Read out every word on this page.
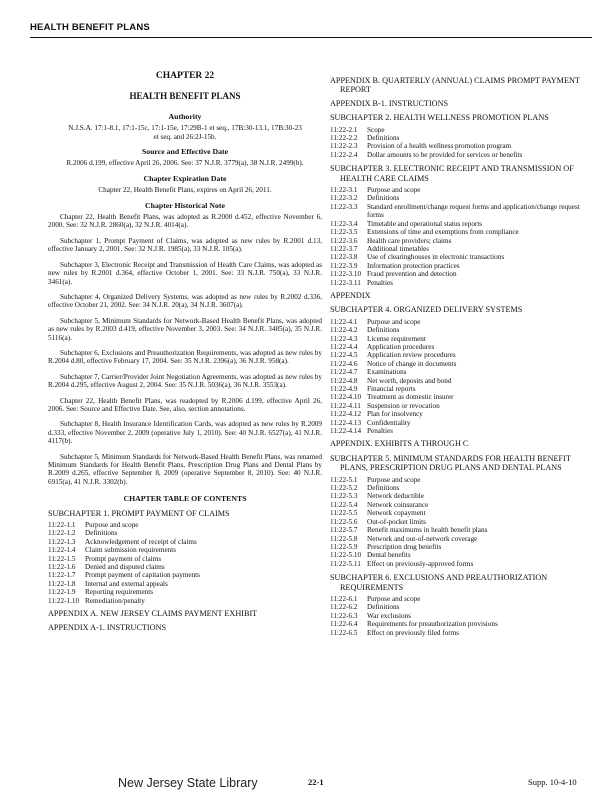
HEALTH BENEFIT PLANS
CHAPTER 22
HEALTH BENEFIT PLANS
Authority
N.J.S.A. 17:1-8.1, 17:1-15c, 17:1-15e, 17:29B-1 et seq., 17B:30-13.1, 17B:30-23 et seq. and 26:2J-15b.
Source and Effective Date
R.2006 d.199, effective April 26, 2006. See: 37 N.J.R. 3779(a), 38 N.J.R. 2499(b).
Chapter Expiration Date
Chapter 22, Health Benefit Plans, expires on April 26, 2011.
Chapter Historical Note

Chapter 22, Health Benefit Plans, was adopted as R.2000 d.452, effective November 6, 2000. See: 32 N.J.R. 2860(a), 32 N.J.R. 4014(a).

Subchapter 1, Prompt Payment of Claims, was adopted as new rules by R.2001 d.13, effective January 2, 2001. See: 32 N.J.R. 1985(a), 33 N.J.R. 105(a).

Subchapter 3, Electronic Receipt and Transmission of Health Care Claims, was adopted as new rules by R.2001 d.364, effective October 1, 2001. See: 33 N.J.R. 750(a), 33 N.J.R. 3461(a).

Subchapter 4, Organized Delivery Systems, was adopted as new rules by R.2002 d.336, effective October 21, 2002. See: 34 N.J.R. 20(a), 34 N.J.R. 3607(a).

Subchapter 5, Minimum Standards for Network-Based Health Benefit Plans, was adopted as new rules by R.2003 d.419, effective November 3, 2003. See: 34 N.J.R. 3485(a), 35 N.J.R. 5116(a).

Subchapter 6, Exclusions and Preauthorization Requirements, was adopted as new rules by R.2004 d.80, effective February 17, 2004. See: 35 N.J.R. 2396(a), 36 N.J.R. 958(a).

Subchapter 7, Carrier/Provider Joint Negotiation Agreements, was adopted as new rules by R.2004 d.295, effective August 2, 2004. See: 35 N.J.R. 5036(a), 36 N.J.R. 3553(a).

Chapter 22, Health Benefit Plans, was readopted by R.2006 d.199, effective April 26, 2006. See: Source and Effective Date. See, also, section annotations.

Subchapter 8, Health Insurance Identification Cards, was adopted as new rules by R.2009 d.333, effective November 2, 2009 (operative July 1, 2010). See: 40 N.J.R. 6527(a), 41 N.J.R. 4117(b).

Subchapter 5, Minimum Standards for Network-Based Health Benefit Plans, was renamed Minimum Standards for Health Benefit Plans, Prescription Drug Plans and Dental Plans by R.2009 d.265, effective September 8, 2009 (operative September 8, 2010). See: 40 N.J.R. 6915(a), 41 N.J.R. 3302(b).

CHAPTER TABLE OF CONTENTS
SUBCHAPTER 1. PROMPT PAYMENT OF CLAIMS
11:22-1.1	Purpose and scope
11:22-1.2	Definitions
11:22-1.3	Acknowledgement of receipt of claims
11:22-1.4	Claim submission requirements
11:22-1.5	Prompt payment of claims
11:22-1.6	Denied and disputed claims
11:22-1.7	Prompt payment of capitation payments
11:22-1.8	Internal and external appeals
11:22-1.9	Reporting requirements
11:22-1.10 Remediation/penalty
APPENDIX A. NEW JERSEY CLAIMS PAYMENT EXHIBIT
APPENDIX A-1. INSTRUCTIONS
APPENDIX B. QUARTERLY (ANNUAL) CLAIMS PROMPT PAYMENT REPORT
APPENDIX B-1. INSTRUCTIONS
SUBCHAPTER 2. HEALTH WELLNESS PROMOTION PLANS
11:22-2.1	Scope
11:22-2.2	Definitions
11:22-2.3	Provision of a health wellness promotion program
11:22-2.4	Dollar amounts to be provided for services or benefits
SUBCHAPTER 3. ELECTRONIC RECEIPT AND TRANSMISSION OF HEALTH CARE CLAIMS
11:22-3.1	Purpose and scope
11:22-3.2	Definitions
11:22-3.3	Standard enrollment/change request forms and application/change request forms
11:22-3.4	Timetable and operational status reports
11:22-3.5	Extensions of time and exemptions from compliance
11:22-3.6	Health care providers; claims
11:22-3.7	Additional timetables
11:22-3.8	Use of clearinghouses in electronic transactions
11:22-3.9	Information protection practices
11:22-3.10 Fraud prevention and detection
11:22-3.11 Penalties
APPENDIX
SUBCHAPTER 4. ORGANIZED DELIVERY SYSTEMS
11:22-4.1	Purpose and scope
11:22-4.2	Definitions
11:22-4.3	License requirement
11:22-4.4	Application procedures
11:22-4.5	Application review procedures
11:22-4.6	Notice of change in documents
11:22-4.7	Examinations
11:22-4.8	Net worth, deposits and bond
11:22-4.9	Financial reports
11:22-4.10 Treatment as domestic insurer
11:22-4.11 Suspension or revocation
11:22-4.12 Plan for insolvency
11:22-4.13 Confidentiality
11:22-4.14 Penalties
APPENDIX. EXHIBITS A THROUGH C
SUBCHAPTER 5. MINIMUM STANDARDS FOR HEALTH BENEFIT PLANS, PRESCRIPTION DRUG PLANS AND DENTAL PLANS
11:22-5.1	Purpose and scope
11:22-5.2	Definitions
11:22-5.3	Network deductible
11:22-5.4	Network coinsurance
11:22-5.5	Network copayment
11:22-5.6	Out-of-pocket limits
11:22-5.7	Benefit maximums in health benefit plans
11:22-5.8	Network and out-of-network coverage
11:22-5.9	Prescription drug benefits
11:22-5.10 Dental benefits
11:22-5.11 Effect on previously-approved forms
SUBCHAPTER 6. EXCLUSIONS AND PREAUTHORIZATION REQUIREMENTS
11:22-6.1	Purpose and scope
11:22-6.2	Definitions
11:22-6.3	War exclusions
11:22-6.4	Requirements for preauthorization provisions
11:22-6.5	Effect on previously filed forms
New Jersey State Library	22-1	Supp. 10-4-10
